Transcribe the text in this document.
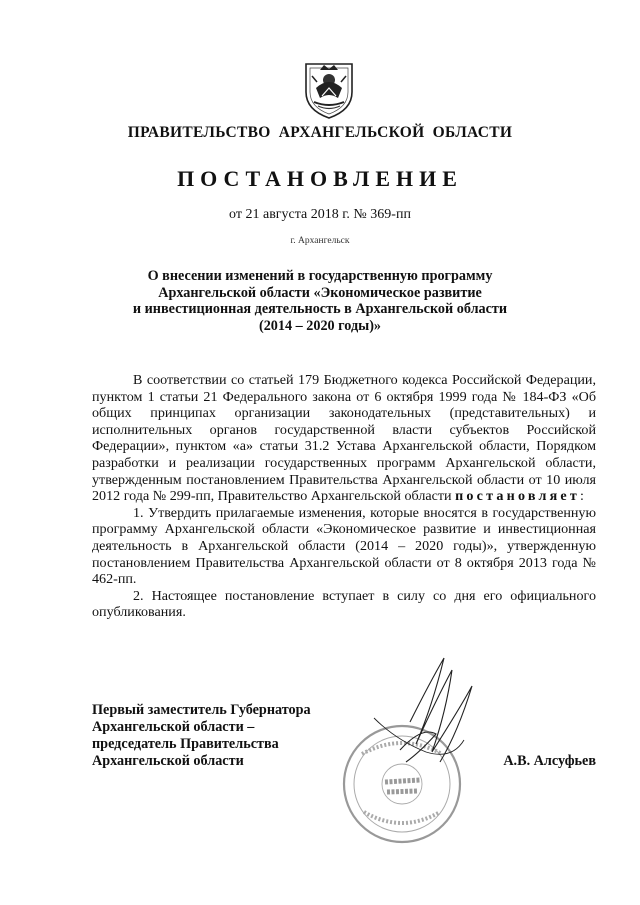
ПРАВИТЕЛЬСТВО АРХАНГЕЛЬСКОЙ ОБЛАСТИ
ПОСТАНОВЛЕНИЕ
от 21 августа 2018 г. № 369-пп
г. Архангельск
О внесении изменений в государственную программу
Архангельской области «Экономическое развитие
и инвестиционная деятельность в Архангельской области
(2014 – 2020 годы)»

В соответствии со статьей 179 Бюджетного кодекса Российской Федерации, пунктом 1 статьи 21 Федерального закона от 6 октября 1999 года № 184-ФЗ «Об общих принципах организации законодательных (представительных) и исполнительных органов государственной власти субъектов Российской Федерации», пунктом «а» статьи 31.2 Устава Архангельской области, Порядком разработки и реализации государственных программ Архангельской области, утвержденным постановлением Правительства Архангельской области от 10 июля 2012 года № 299-пп, Правительство Архангельской области постановляет:

1. Утвердить прилагаемые изменения, которые вносятся в государственную программу Архангельской области «Экономическое развитие и инвестиционная деятельность в Архангельской области (2014 – 2020 годы)», утвержденную постановлением Правительства Архангельской области от 8 октября 2013 года № 462-пп.

2. Настоящее постановление вступает в силу со дня его официального опубликования.

Первый заместитель Губернатора
Архангельской области –
председатель Правительства
Архангельской области	А.В. Алсуфьев
